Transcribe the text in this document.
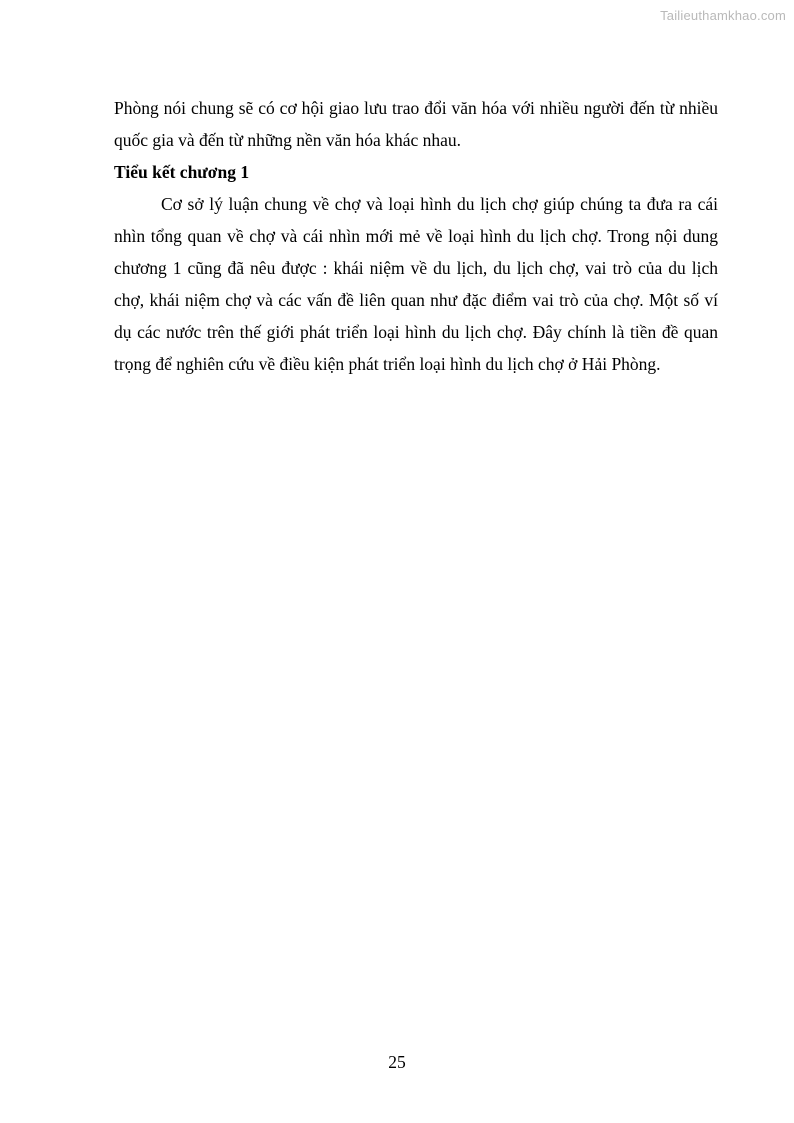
Tailieuthamkhao.com

Phòng nói chung sẽ có cơ hội giao lưu trao đổi văn hóa với nhiều người đến từ nhiều quốc gia và đến từ những nền văn hóa khác nhau.

Tiểu kết chương 1

Cơ sở lý luận chung về chợ và loại hình du lịch chợ giúp chúng ta đưa ra cái nhìn tổng quan về chợ và cái nhìn mới mẻ về loại hình du lịch chợ. Trong nội dung chương 1 cũng đã nêu được : khái niệm về du lịch, du lịch chợ, vai trò của du lịch chợ, khái niệm chợ và các vấn đề liên quan như đặc điểm vai trò của chợ. Một số ví dụ các nước trên thế giới phát triển loại hình du lịch chợ. Đây chính là tiền đề quan trọng để nghiên cứu về điều kiện phát triển loại hình du lịch chợ ở Hải Phòng.

25
